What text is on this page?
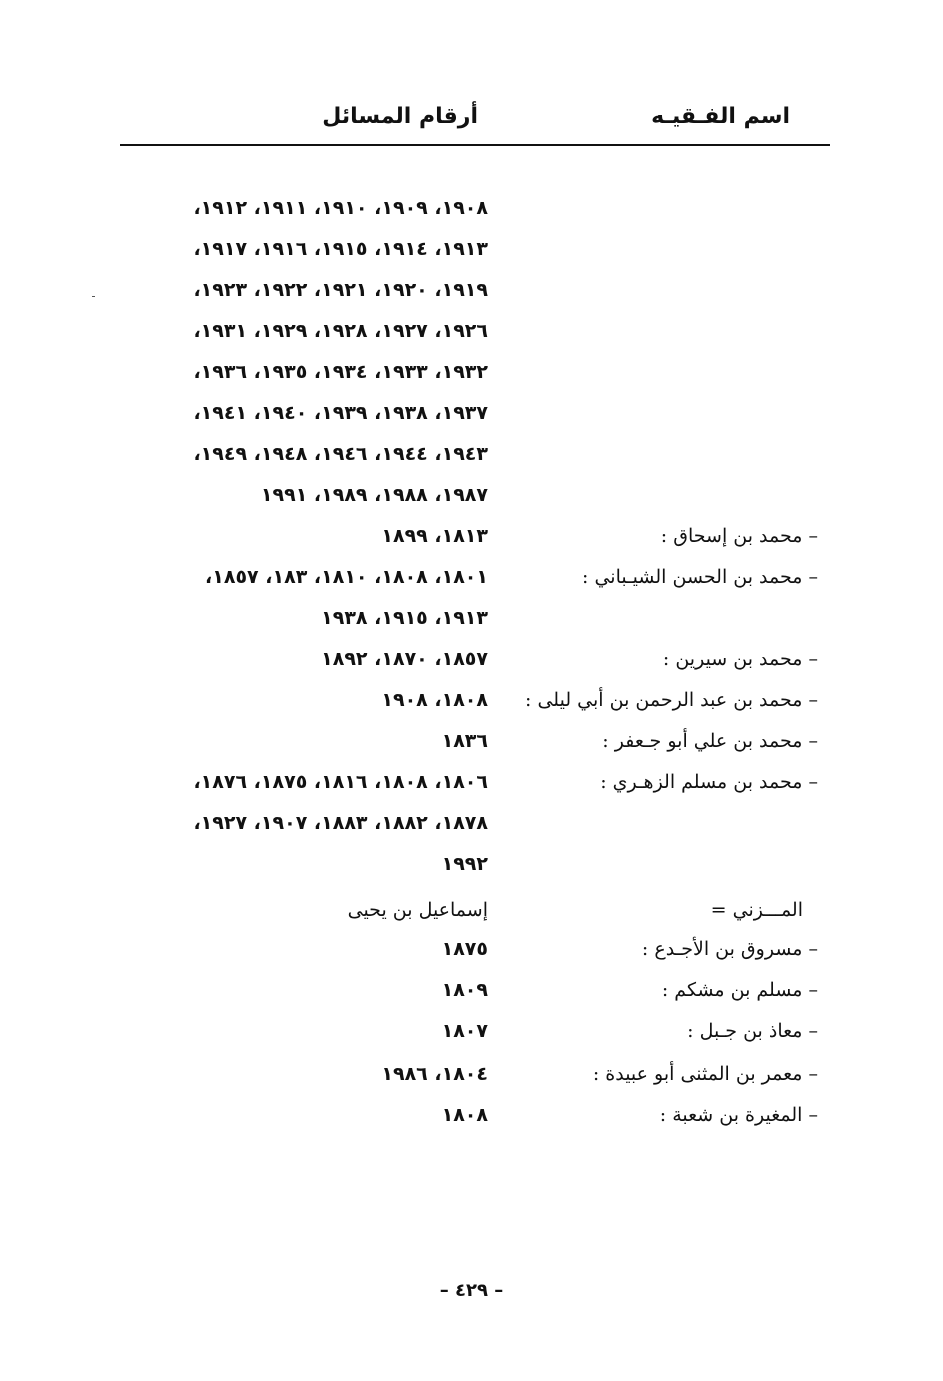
اسم الفـقيـه
أرقام المسائل
١٩٠٨، ١٩٠٩، ١٩١٠، ١٩١١، ١٩١٢،
١٩١٣، ١٩١٤، ١٩١٥، ١٩١٦، ١٩١٧،
١٩١٩، ١٩٢٠، ١٩٢١، ١٩٢٢، ١٩٢٣،
١٩٢٦، ١٩٢٧، ١٩٢٨، ١٩٢٩، ١٩٣١،
١٩٣٢، ١٩٣٣، ١٩٣٤، ١٩٣٥، ١٩٣٦،
١٩٣٧، ١٩٣٨، ١٩٣٩، ١٩٤٠، ١٩٤١،
١٩٤٣، ١٩٤٤، ١٩٤٦، ١٩٤٨، ١٩٤٩،
١٩٨٧، ١٩٨٨، ١٩٨٩، ١٩٩١
– محمد بن إسحاق :
١٨١٣، ١٨٩٩
– محمد بن الحسن الشيـباني :
١٨٠١، ١٨٠٨، ١٨١٠، ١٨٣، ١٨٥٧،
١٩١٣، ١٩١٥، ١٩٣٨
– محمد بن سيرين :
١٨٥٧، ١٨٧٠، ١٨٩٢
– محمد بن عبد الرحمن بن أبي ليلى :
١٨٠٨، ١٩٠٨
– محمد بن علي أبو جـعفر :
١٨٣٦
– محمد بن مسلم الزهـري :
١٨٠٦، ١٨٠٨، ١٨١٦، ١٨٧٥، ١٨٧٦،
١٨٧٨، ١٨٨٢، ١٨٨٣، ١٩٠٧، ١٩٢٧،
١٩٩٢
المـــزني =
إسماعيل بن يحيى
– مسروق بن الأجـدع :
١٨٧٥
– مسلم بن مشكم :
١٨٠٩
– معاذ بن جـبل :
١٨٠٧
– معمر بن المثنى أبو عبيدة :
١٨٠٤، ١٩٨٦
– المغيرة بن شعبة :
١٨٠٨
– ٤٢٩ –
